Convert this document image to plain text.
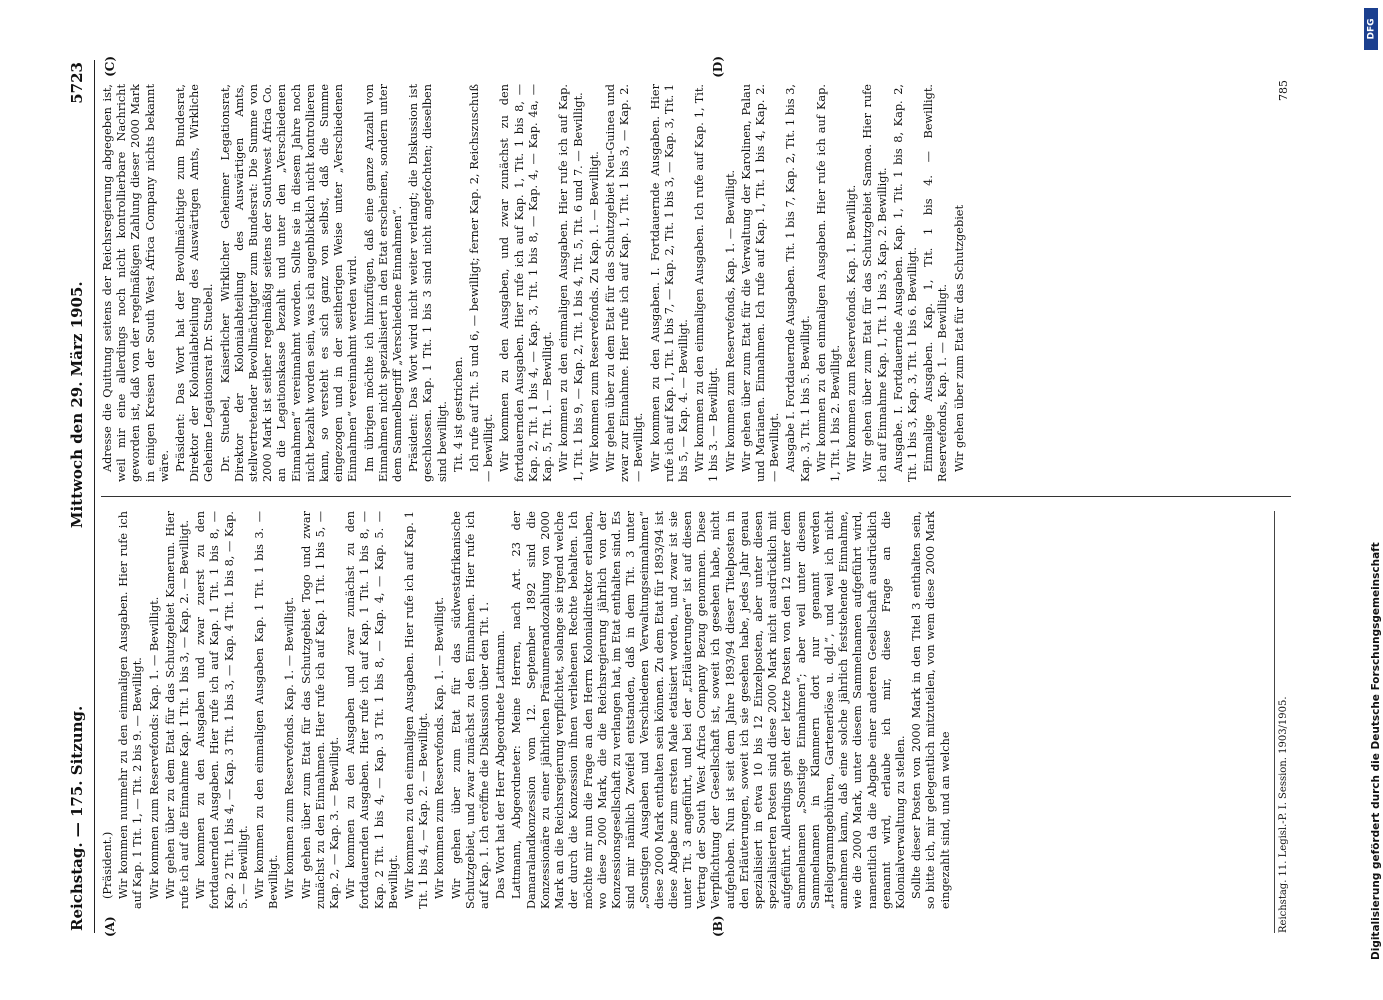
Reichstag. — 175. Sitzung.
Mittwoch den 29. März 1905.
5723
(A)	(B)

(Präsident.) Wir kommen nunmehr zu den einmaligen Ausgaben. Hier rufe ich auf Kap. 1 Tit. 1, — Tit. 2 bis 9. — Bewilligt. Wir kommen zum Reservefonds: Kap. 1. — Bewilligt. Wir gehen über zu dem Etat für das Schutzgebiet Kamerun. Hier rufe ich auf die Einnahme Kap. 1 Tit. 1 bis 3, — Kap. 2. — Bewilligt. Wir kommen zu den Ausgaben und zwar zuerst zu den fortdauernden Ausgaben. Hier rufe ich auf Kap. 1 Tit. 1 bis 8, — Kap. 2 Tit. 1 bis 4, — Kap. 3 Tit. 1 bis 3, — Kap. 4 Tit. 1 bis 8, — Kap. 5. — Bewilligt. Wir kommen zu den einmaligen Ausgaben Kap. 1 Tit. 1 bis 3. — Bewilligt. Wir kommen zum Reservefonds. Kap. 1. — Bewilligt. Wir gehen über zum Etat für das Schutzgebiet Togo und zwar zunächst zu den Einnahmen. Hier rufe ich auf Kap. 1 Tit. 1 bis 5, — Kap. 2, — Kap. 3. — Bewilligt. Wir kommen zu den Ausgaben und zwar zunächst zu den fortdauernden Ausgaben. Hier rufe ich auf Kap. 1 Tit. 1 bis 8, — Kap. 2 Tit. 1 bis 4, — Kap. 3 Tit. 1 bis 8, — Kap. 4, — Kap. 5. — Bewilligt. Wir kommen zu den einmaligen Ausgaben. Hier rufe ich auf Kap. 1 Tit. 1 bis 4, — Kap. 2. — Bewilligt. Wir kommen zum Reservefonds. Kap. 1. — Bewilligt. Wir gehen über zum Etat für das südwestafrikanische Schutzgebiet, und zwar zunächst zu den Einnahmen. Hier rufe ich auf Kap. 1. Ich eröffne die Diskussion über den Tit. 1. Das Wort hat der Herr Abgeordnete Lattmann. Lattmann, Abgeordneter: Meine Herren, nach Art. 23 der Damaralandkonzession vom 12. September 1892 sind die Konzessionäre zu einer jährlichen Pränumerandozahlung von 2000 Mark an die Reichsregierung verpflichtet, solange sie irgend welche der durch die Konzession ihnen verliehenen Rechte behalten. Ich möchte mir nun die Frage an den Herrn Kolonialdirektor erlauben, wo diese 2000 Mark, die die Reichsregierung jährlich von der Konzessionsgesellschaft zu verlangen hat, im Etat enthalten sind. Es sind mir nämlich Zweifel entstanden, daß in dem Tit. 3 unter „Sonstigen Ausgaben und Verschiedenen Verwaltungseinnahmen“ diese 2000 Mark enthalten sein können. Zu dem Etat für 1893/94 ist diese Abgabe zum ersten Male etatisiert worden, und zwar ist sie unter Tit. 3 angeführt, und bei der „Erläuterungen“ ist auf diesen Vertrag der South West Africa Company Bezug genommen. Diese Verpflichtung der Gesellschaft ist, soweit ich gesehen habe, nicht aufgehoben. Nun ist seit dem Jahre 1893/94 dieser Titelposten in den Erläuterungen, soweit ich sie gesehen habe, jedes Jahr genau spezialisiert in etwa 10 bis 12 Einzelposten, aber unter diesen spezialisierten Posten sind diese 2000 Mark nicht ausdrücklich mit aufgeführt. Allerdings geht der letzte Posten von den 12 unter dem Sammelnamen „Sonstige Einnahmen“; aber weil unter diesem Sammelnamen in Klammern dort nur genannt werden „Heliogrammgebühren, Gartenerlöse u. dgl.“, und weil ich nicht annehmen kann, daß eine solche jährlich feststehende Einnahme, wie die 2000 Mark, unter diesem Sammelnamen aufgeführt wird, namentlich da die Abgabe einer anderen Gesellschaft ausdrücklich genannt wird, erlaube ich mir, diese Frage an die Kolonialverwaltung zu stellen. Sollte dieser Posten von 2000 Mark in den Titel 3 enthalten sein, so bitte ich, mir gelegentlich mitzuteilen, von wem diese 2000 Mark eingezahlt sind, und an welche	Reichstag. 11. Legisl.-P. I. Session. 1903/1905.
(C)	(D)

Adresse die Quittung seitens der Reichsregierung abgegeben ist, weil mir eine allerdings noch nicht kontrollierbare Nachricht geworden ist, daß von der regelmäßigen Zahlung dieser 2000 Mark in einigen Kreisen der South West Africa Company nichts bekannt wäre. Präsident: Das Wort hat der Bevollmächtigte zum Bundesrat, Direktor der Kolonialabteilung des Auswärtigen Amts, Wirkliche Geheime Legationsrat Dr. Stuebel. Dr. Stuebel, Kaiserlicher Wirklicher Geheimer Legationsrat, Direktor der Kolonialabteilung des Auswärtigen Amts, stellvertretender Bevollmächtigter zum Bundesrat: Die Summe von 2000 Mark ist seither regelmäßig seitens der Southwest Africa Co. an die Legationskasse bezahlt und unter den „Verschiedenen Einnahmen“ vereinnahmt worden. Sollte sie in diesem Jahre noch nicht bezahlt worden sein, was ich augenblicklich nicht kontrollieren kann, so versteht es sich ganz von selbst, daß die Summe eingezogen und in der seitherigen Weise unter „Verschiedenen Einnahmen“ vereinnahmt werden wird. Im übrigen möchte ich hinzufügen, daß eine ganze Anzahl von Einnahmen nicht spezialisiert in den Etat erscheinen, sondern unter dem Sammelbegriff „Verschiedene Einnahmen“. Präsident: Das Wort wird nicht weiter verlangt; die Diskussion ist geschlossen. Kap. 1 Tit. 1 bis 3 sind nicht angefochten; dieselben sind bewilligt. Tit. 4 ist gestrichen. Ich rufe auf Tit. 5 und 6, — bewilligt; ferner Kap. 2, Reichszuschuß — bewilligt. Wir kommen zu den Ausgaben, und zwar zunächst zu den fortdauernden Ausgaben. Hier rufe ich auf Kap. 1, Tit. 1 bis 8, — Kap. 2, Tit. 1 bis 4, — Kap. 3, Tit. 1 bis 8, — Kap. 4, — Kap. 4a, — Kap. 5, Tit. 1. — Bewilligt. Wir kommen zu den einmaligen Ausgaben. Hier rufe ich auf Kap. 1, Tit. 1 bis 9, — Kap. 2, Tit. 1 bis 4, Tit. 5, Tit. 6 und 7. — Bewilligt. Wir kommen zum Reservefonds. Zu Kap. 1. — Bewilligt. Wir gehen über zu dem Etat für das Schutzgebiet Neu-Guinea und zwar zur Einnahme. Hier rufe ich auf Kap. 1, Tit. 1 bis 3, — Kap. 2. — Bewilligt. Wir kommen zu den Ausgaben. I. Fortdauernde Ausgaben. Hier rufe ich auf Kap. 1, Tit. 1 bis 7, — Kap. 2, Tit. 1 bis 3, — Kap. 3, Tit. 1 bis 5, — Kap. 4. — Bewilligt. Wir kommen zu den einmaligen Ausgaben. Ich rufe auf Kap. 1, Tit. 1 bis 3. — Bewilligt. Wir kommen zum Reservefonds, Kap. 1. — Bewilligt. Wir gehen über zum Etat für die Verwaltung der Karolinen, Palau und Marianen. Einnahmen. Ich rufe auf Kap. 1, Tit. 1 bis 4, Kap. 2. — Bewilligt. Ausgabe I. Fortdauernde Ausgaben. Tit. 1 bis 7, Kap. 2, Tit. 1 bis 3, Kap. 3, Tit. 1 bis 5. Bewilligt. Wir kommen zu den einmaligen Ausgaben. Hier rufe ich auf Kap. 1, Tit. 1 bis 2. Bewilligt. Wir kommen zum Reservefonds. Kap. 1. Bewilligt. Wir gehen über zum Etat für das Schutzgebiet Samoa. Hier rufe ich auf Einnahme Kap. 1, Tit. 1 bis 3, Kap. 2. Bewilligt. Ausgabe. I. Fortdauernde Ausgaben. Kap. 1, Tit. 1 bis 8, Kap. 2, Tit. 1 bis 3, Kap. 3, Tit. 1 bis 6. Bewilligt. Einmalige Ausgaben. Kap. 1, Tit. 1 bis 4. — Bewilligt. Reservefonds, Kap. 1. — Bewilligt. Wir gehen über zum Etat für das Schutzgebiet

785
Digitalisierung gefördert durch die Deutsche Forschungsgemeinschaft
DFG
